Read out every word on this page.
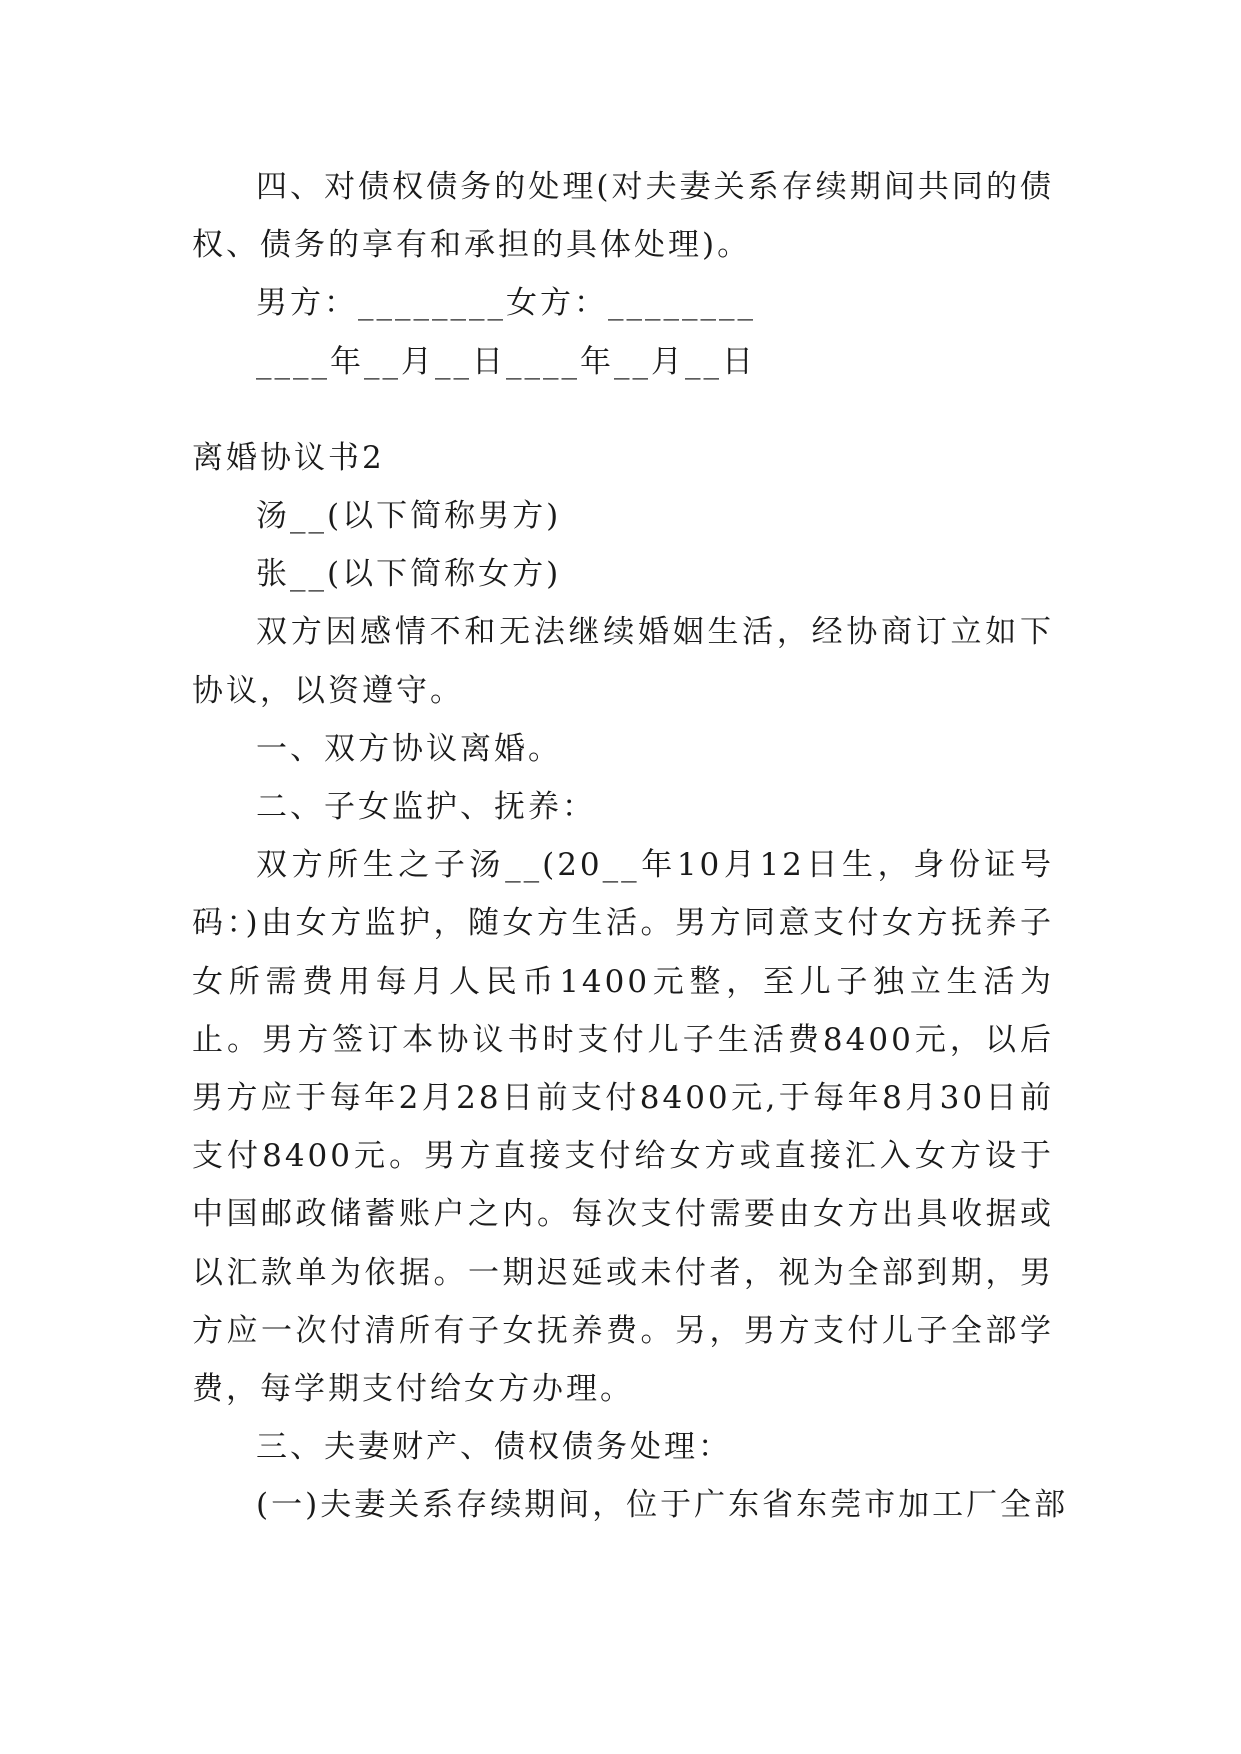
四、对债权债务的处理(对夫妻关系存续期间共同的债权、债务的享有和承担的具体处理)。

男方：________女方：________

____年__月__日____年__月__日

离婚协议书2

汤__(以下简称男方)

张__(以下简称女方)

双方因感情不和无法继续婚姻生活，经协商订立如下协议，以资遵守。

一、双方协议离婚。

二、子女监护、抚养：

双方所生之子汤__(20__年10月12日生，身份证号码：)由女方监护，随女方生活。男方同意支付女方抚养子女所需费用每月人民币1400元整，至儿子独立生活为止。男方签订本协议书时支付儿子生活费8400元，以后男方应于每年2月28日前支付8400元,于每年8月30日前支付8400元。男方直接支付给女方或直接汇入女方设于中国邮政储蓄账户之内。每次支付需要由女方出具收据或以汇款单为依据。一期迟延或未付者，视为全部到期，男方应一次付清所有子女抚养费。另，男方支付儿子全部学费，每学期支付给女方办理。

三、夫妻财产、债权债务处理：

(一)夫妻关系存续期间，位于广东省东莞市加工厂全部
